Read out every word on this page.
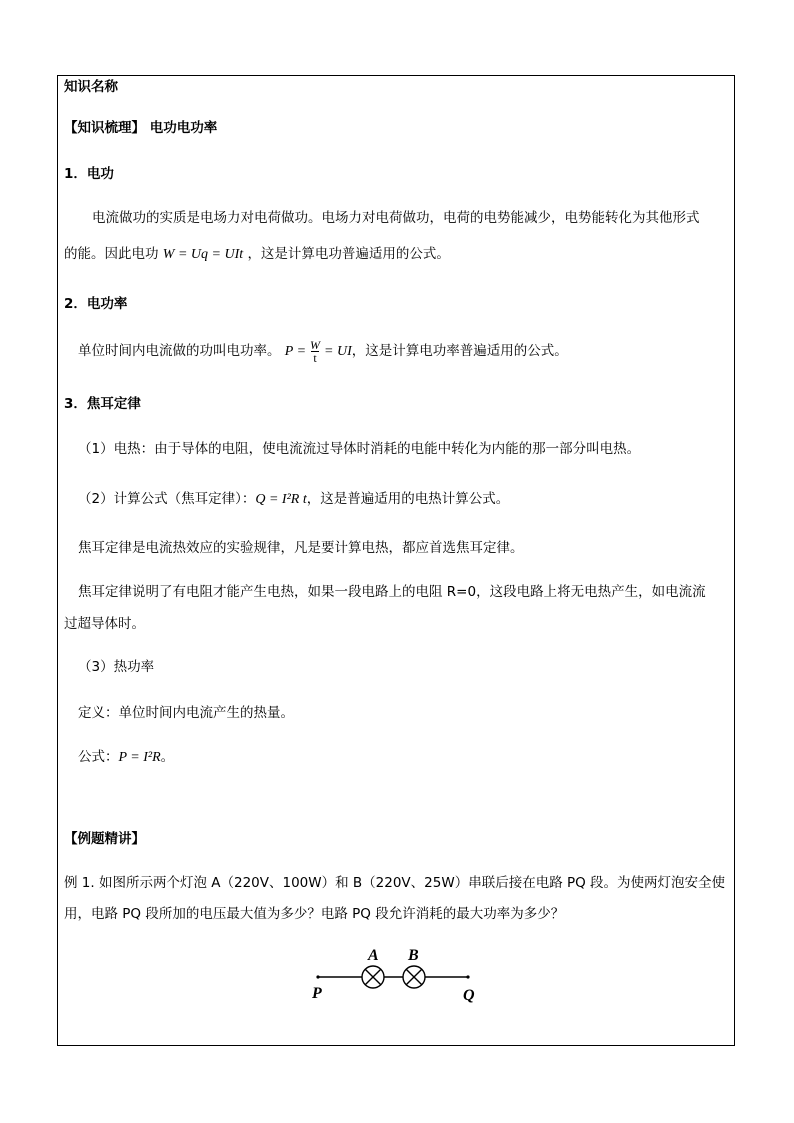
知识名称
【知识梳理】 电功电功率
1．电功
电流做功的实质是电场力对电荷做功。电场力对电荷做功，电荷的电势能减少，电势能转化为其他形式
的能。因此电功 W = Uq = UIt ，这是计算电功普遍适用的公式。
2．电功率
单位时间内电流做的功叫电功率。 $P = \frac{W}{t}$ = UI，这是计算电功率普遍适用的公式。
3．焦耳定律
（1）电热：由于导体的电阻，使电流流过导体时消耗的电能中转化为内能的那一部分叫电热。
（2）计算公式（焦耳定律）：Q = I²R t，这是普遍适用的电热计算公式。
焦耳定律是电流热效应的实验规律，凡是要计算电热，都应首选焦耳定律。
焦耳定律说明了有电阻才能产生电热，如果一段电路上的电阻 R=0，这段电路上将无电热产生，如电流流
过超导体时。
（3）热功率
定义：单位时间内电流产生的热量。
公式：P = I²R。
【例题精讲】
例 1. 如图所示两个灯泡 A（220V、100W）和 B（220V、25W）串联后接在电路 PQ 段。为使两灯泡安全使
用，电路 PQ 段所加的电压最大值为多少？电路 PQ 段允许消耗的最大功率为多少？
A B
P	Q
